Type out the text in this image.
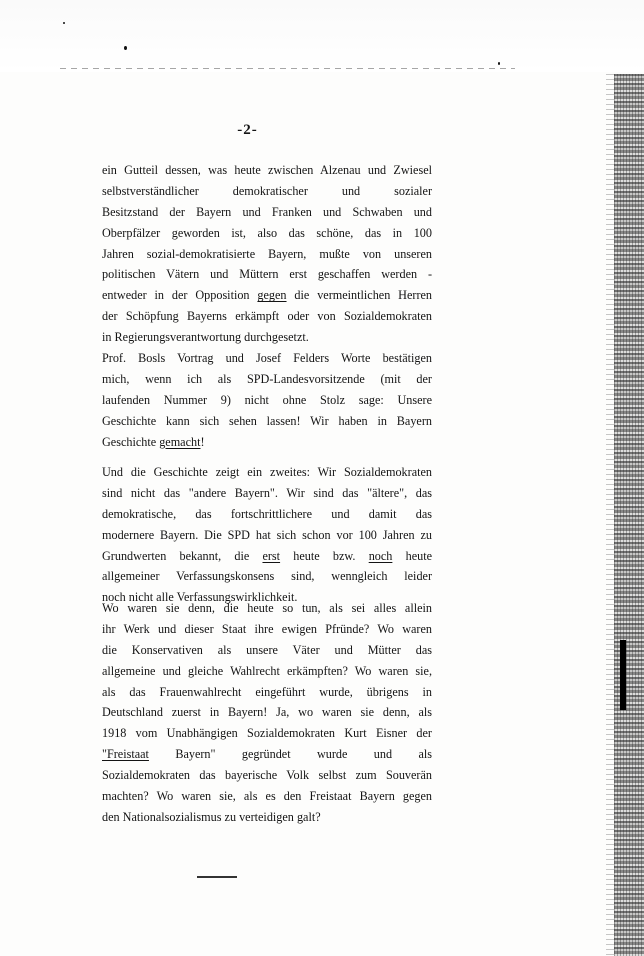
-2-
ein Gutteil dessen, was heute zwischen Alzenau und Zwiesel
selbstverständlicher demokratischer und sozialer
Besitzstand der Bayern und Franken und Schwaben und
Oberpfälzer geworden ist, also das schöne, das in 100
Jahren sozial-demokratisierte Bayern, mußte von unseren
politischen Vätern und Müttern erst geschaffen werden -
entweder in der Opposition gegen die vermeintlichen Herren
der Schöpfung Bayerns erkämpft oder von Sozialdemokraten
in Regierungsverantwortung durchgesetzt.
Prof. Bosls Vortrag und Josef Felders Worte bestätigen
mich, wenn ich als SPD-Landesvorsitzende (mit der
laufenden Nummer 9) nicht ohne Stolz sage: Unsere
Geschichte kann sich sehen lassen! Wir haben in Bayern
Geschichte gemacht!
Und die Geschichte zeigt ein zweites: Wir Sozialdemokraten
sind nicht das "andere Bayern". Wir sind das "ältere", das
demokratische, das fortschrittlichere und damit das
modernere Bayern. Die SPD hat sich schon vor 100 Jahren zu
Grundwerten bekannt, die erst heute bzw. noch heute
allgemeiner Verfassungskonsens sind, wenngleich leider
noch nicht alle Verfassungswirklichkeit.
Wo waren sie denn, die heute so tun, als sei alles allein
ihr Werk und dieser Staat ihre ewigen Pfründe? Wo waren
die Konservativen als unsere Väter und Mütter das
allgemeine und gleiche Wahlrecht erkämpften? Wo waren sie,
als das Frauenwahlrecht eingeführt wurde, übrigens in
Deutschland zuerst in Bayern! Ja, wo waren sie denn, als
1918 vom Unabhängigen Sozialdemokraten Kurt Eisner der
"Freistaat Bayern" gegründet wurde und als
Sozialdemokraten das bayerische Volk selbst zum Souverän
machten? Wo waren sie, als es den Freistaat Bayern gegen
den Nationalsozialismus zu verteidigen galt?
